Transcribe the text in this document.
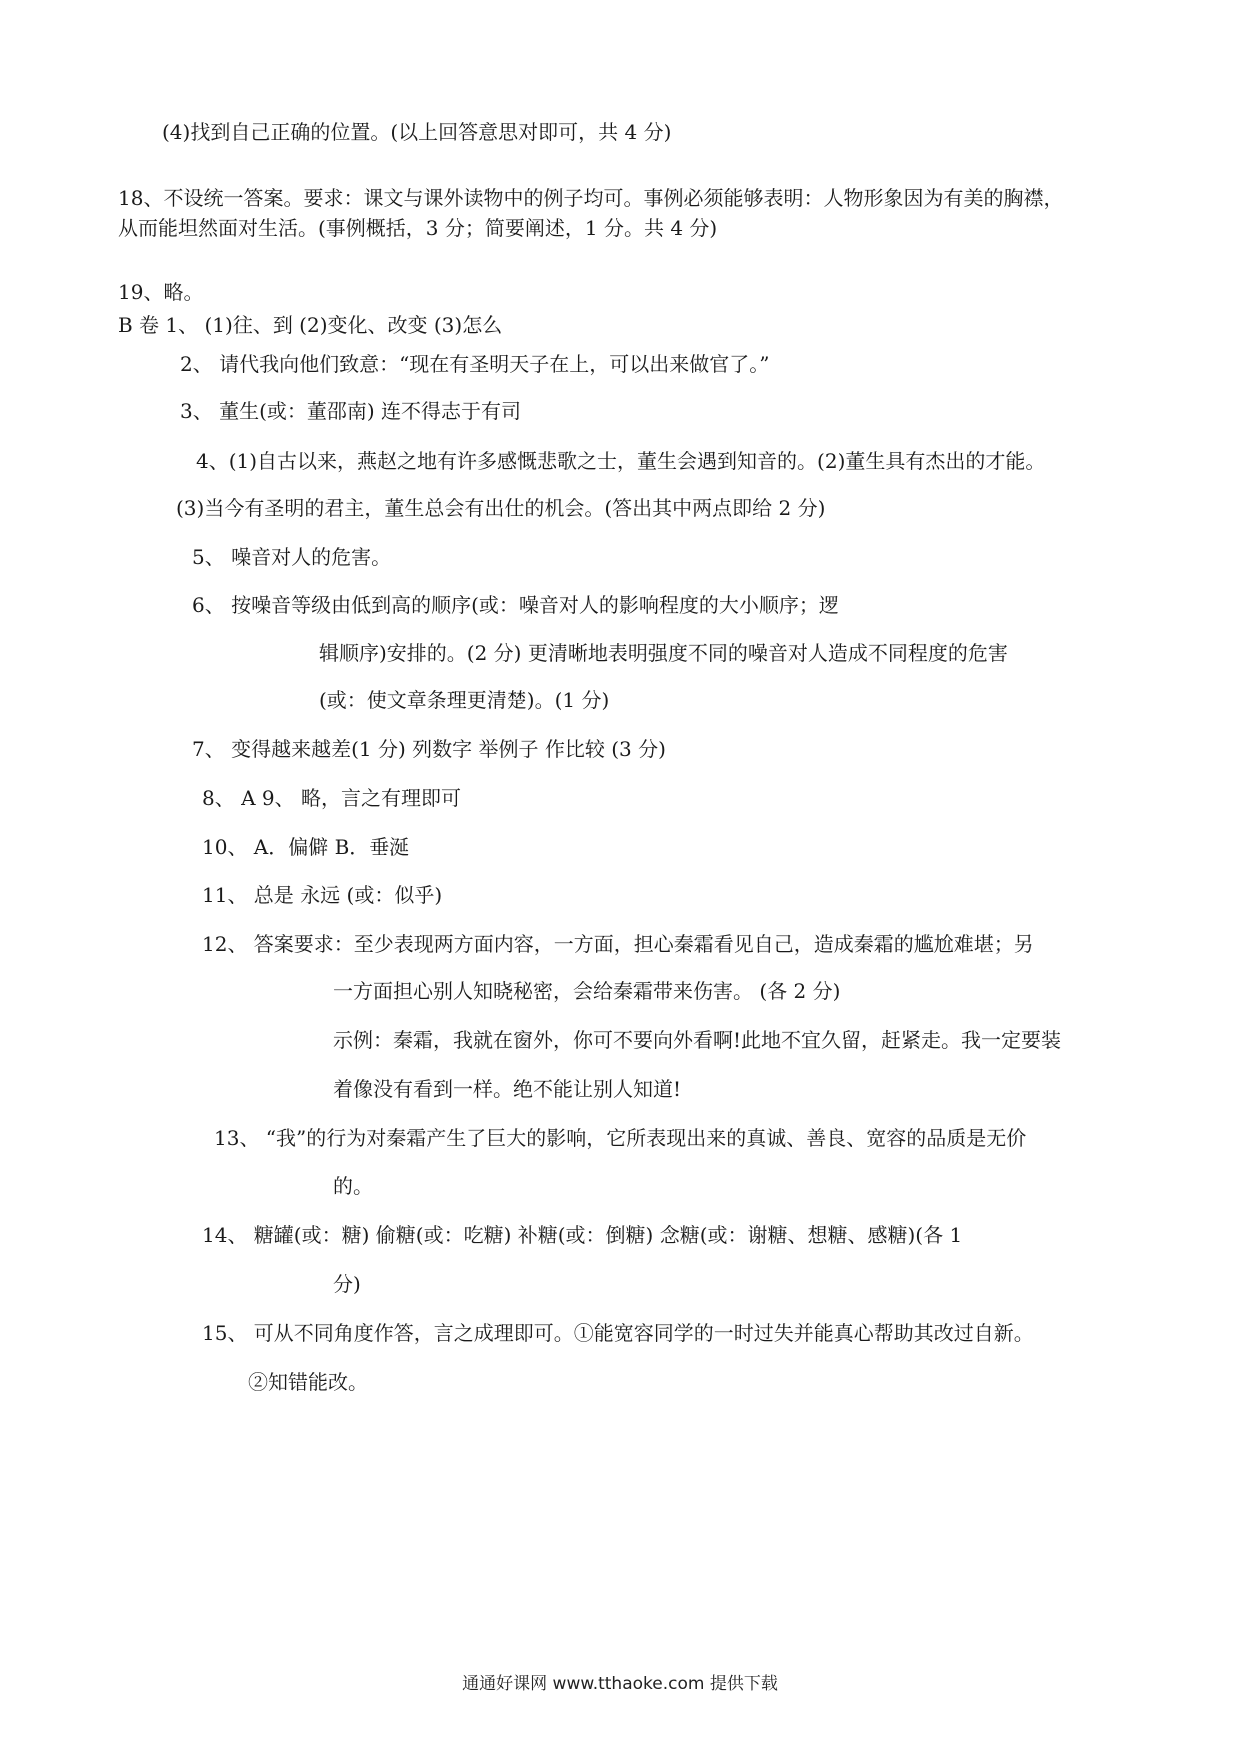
(4)找到自己正确的位置。(以上回答意思对即可，共 4 分)

18、不设统一答案。要求：课文与课外读物中的例子均可。事例必须能够表明：人物形象因为有美的胸襟，

从而能坦然面对生活。(事例概括，3 分；简要阐述，1 分。共 4 分)

19、略。

B 卷 1、 (1)往、到 (2)变化、改变 (3)怎么

2、 请代我向他们致意：“现在有圣明天子在上，可以出来做官了。”

3、 董生(或：董邵南) 连不得志于有司

4、(1)自古以来，燕赵之地有许多感慨悲歌之士，董生会遇到知音的。(2)董生具有杰出的才能。

(3)当今有圣明的君主，董生总会有出仕的机会。(答出其中两点即给 2 分)

5、 噪音对人的危害。

6、 按噪音等级由低到高的顺序(或：噪音对人的影响程度的大小顺序；逻

辑顺序)安排的。(2 分) 更清晰地表明强度不同的噪音对人造成不同程度的危害

(或：使文章条理更清楚)。(1 分)

7、 变得越来越差(1 分) 列数字 举例子 作比较 (3 分)

8、 A 9、 略，言之有理即可

10、 A．偏僻 B．垂涎

11、 总是 永远 (或：似乎)

12、 答案要求：至少表现两方面内容，一方面，担心秦霜看见自己，造成秦霜的尴尬难堪；另

一方面担心别人知晓秘密，会给秦霜带来伤害。 (各 2 分)

示例：秦霜，我就在窗外，你可不要向外看啊!此地不宜久留，赶紧走。我一定要装

着像没有看到一样。绝不能让别人知道!

13、 “我”的行为对秦霜产生了巨大的影响，它所表现出来的真诚、善良、宽容的品质是无价

的。

14、 糖罐(或：糖) 偷糖(或：吃糖) 补糖(或：倒糖) 念糖(或：谢糖、想糖、感糖)(各 1

分)

15、 可从不同角度作答，言之成理即可。①能宽容同学的一时过失并能真心帮助其改过自新。

②知错能改。

通通好课网 www.tthaoke.com 提供下载
